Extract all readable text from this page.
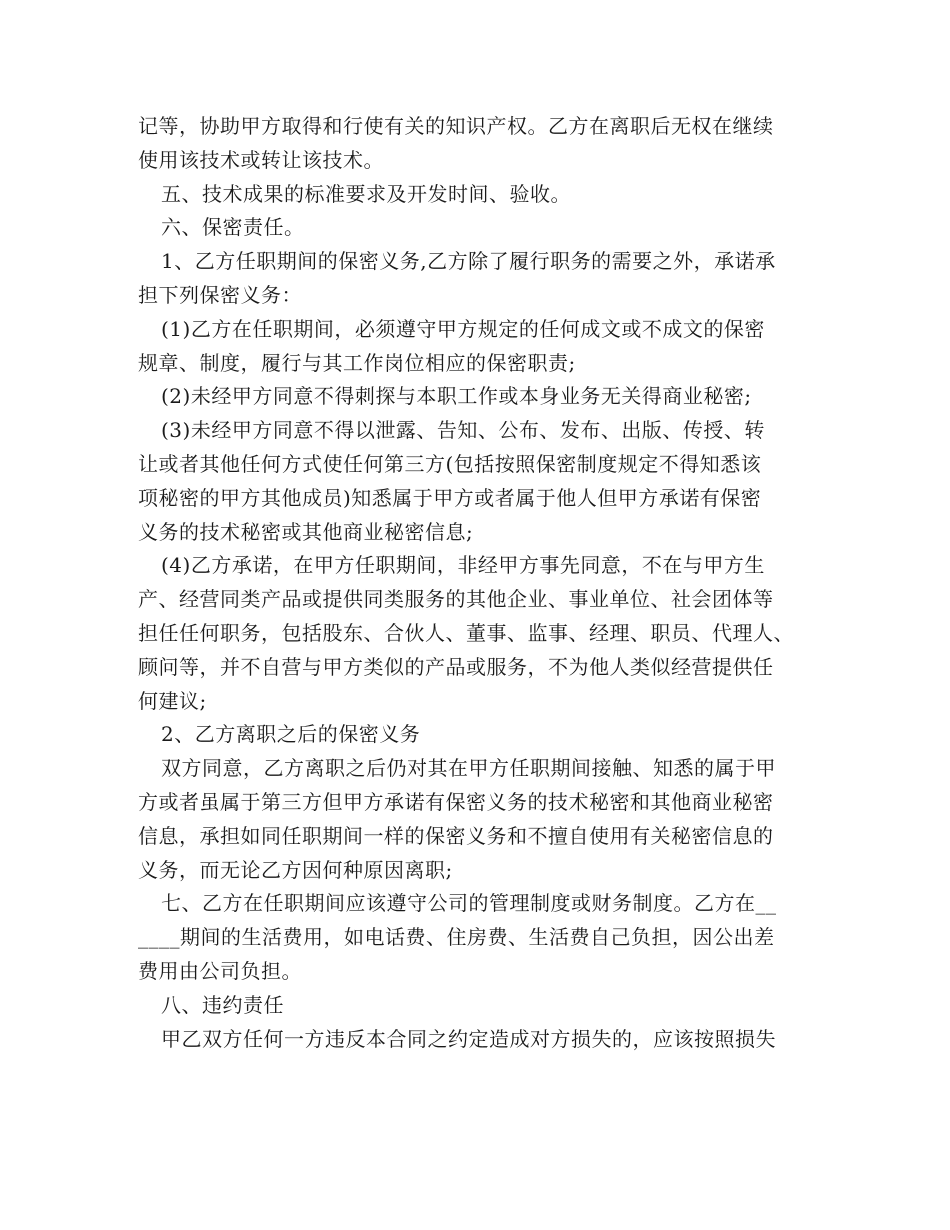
记等，协助甲方取得和行使有关的知识产权。乙方在离职后无权在继续

使用该技术或转让该技术。

五、技术成果的标准要求及开发时间、验收。

六、保密责任。

1、乙方任职期间的保密义务,乙方除了履行职务的需要之外，承诺承

担下列保密义务：

(1)乙方在任职期间，必须遵守甲方规定的任何成文或不成文的保密

规章、制度，履行与其工作岗位相应的保密职责;

(2)未经甲方同意不得刺探与本职工作或本身业务无关得商业秘密;

(3)未经甲方同意不得以泄露、告知、公布、发布、出版、传授、转

让或者其他任何方式使任何第三方(包括按照保密制度规定不得知悉该

项秘密的甲方其他成员)知悉属于甲方或者属于他人但甲方承诺有保密

义务的技术秘密或其他商业秘密信息;

(4)乙方承诺，在甲方任职期间，非经甲方事先同意，不在与甲方生

产、经营同类产品或提供同类服务的其他企业、事业单位、社会团体等

担任任何职务，包括股东、合伙人、董事、监事、经理、职员、代理人、

顾问等，并不自营与甲方类似的产品或服务，不为他人类似经营提供任

何建议;

2、乙方离职之后的保密义务

双方同意，乙方离职之后仍对其在甲方任职期间接触、知悉的属于甲

方或者虽属于第三方但甲方承诺有保密义务的技术秘密和其他商业秘密

信息，承担如同任职期间一样的保密义务和不擅自使用有关秘密信息的

义务，而无论乙方因何种原因离职;

七、乙方在任职期间应该遵守公司的管理制度或财务制度。乙方在__

____期间的生活费用，如电话费、住房费、生活费自己负担，因公出差

费用由公司负担。

八、违约责任

甲乙双方任何一方违反本合同之约定造成对方损失的，应该按照损失
